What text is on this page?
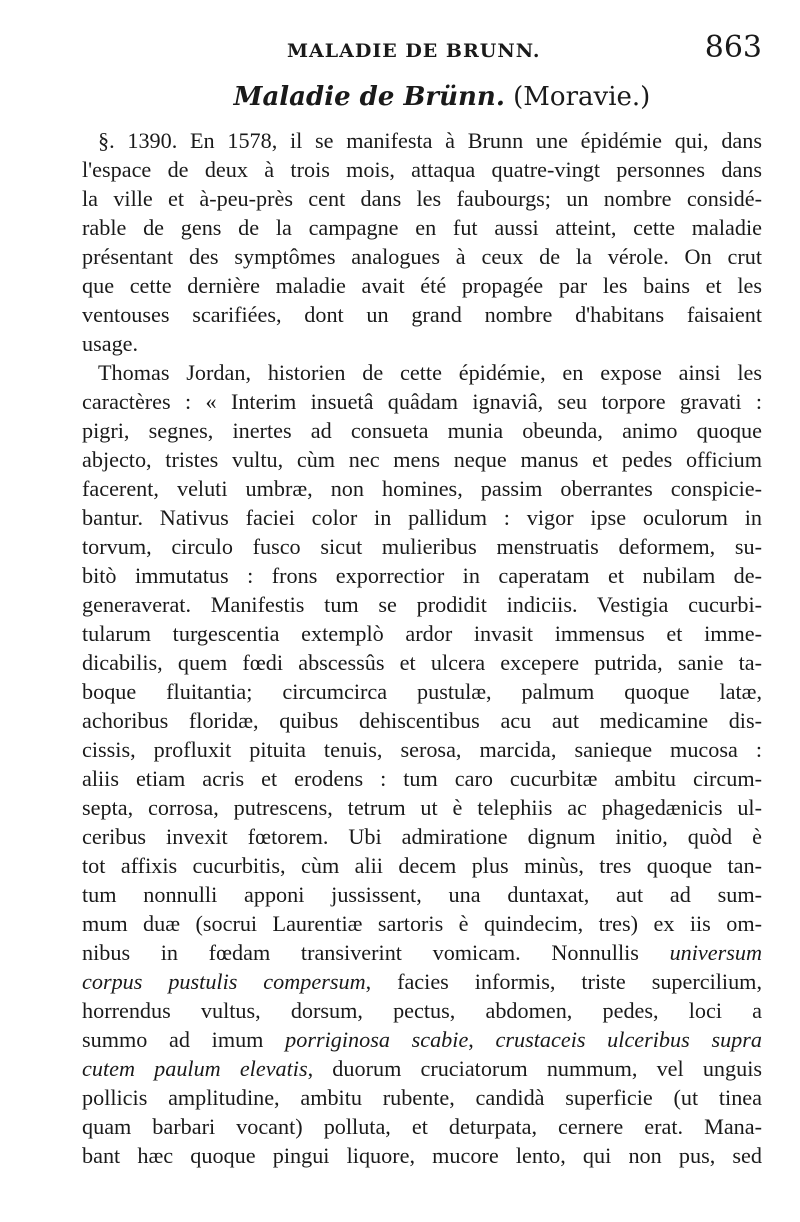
MALADIE DE BRUNN.	863
Maladie de Brünn. (Moravie.)
§. 1390. En 1578, il se manifesta à Brunn une épidémie qui, dans
l'espace de deux à trois mois, attaqua quatre-vingt personnes dans
la ville et à-peu-près cent dans les faubourgs; un nombre considé-
rable de gens de la campagne en fut aussi atteint, cette maladie
présentant des symptômes analogues à ceux de la vérole. On crut
que cette dernière maladie avait été propagée par les bains et les
ventouses scarifiées, dont un grand nombre d'habitans faisaient
usage.
Thomas Jordan, historien de cette épidémie, en expose ainsi les
caractères : « Interim insuetâ quâdam ignaviâ, seu torpore gravati :
pigri, segnes, inertes ad consueta munia obeunda, animo quoque
abjecto, tristes vultu, cùm nec mens neque manus et pedes officium
facerent, veluti umbræ, non homines, passim oberrantes conspicie-
bantur. Nativus faciei color in pallidum : vigor ipse oculorum in
torvum, circulo fusco sicut mulieribus menstruatis deformem, su-
bitò immutatus : frons exporrectior in caperatam et nubilam de-
generaverat. Manifestis tum se prodidit indiciis. Vestigia cucurbi-
tularum turgescentia extemplò ardor invasit immensus et imme-
dicabilis, quem fœdi abscessûs et ulcera excepere putrida, sanie ta-
boque fluitantia; circumcirca pustulæ, palmum quoque latæ,
achoribus floridæ, quibus dehiscentibus acu aut medicamine dis-
cissis, profluxit pituita tenuis, serosa, marcida, sanieque mucosa :
aliis etiam acris et erodens : tum caro cucurbitæ ambitu circum-
septa, corrosa, putrescens, tetrum ut è telephiis ac phagedænicis ul-
ceribus invexit fœtorem. Ubi admiratione dignum initio, quòd è
tot affixis cucurbitis, cùm alii decem plus minùs, tres quoque tan-
tum nonnulli apponi jussissent, una duntaxat, aut ad sum-
mum duæ (socrui Laurentiæ sartoris è quindecim, tres) ex iis om-
nibus in fœdam transiverint vomicam. Nonnullis universum
corpus pustulis compersum, facies informis, triste supercilium,
horrendus vultus, dorsum, pectus, abdomen, pedes, loci a
summo ad imum porriginosa scabie, crustaceis ulceribus supra
cutem paulum elevatis, duorum cruciatorum nummum, vel unguis
pollicis amplitudine, ambitu rubente, candidà superficie (ut tinea
quam barbari vocant) polluta, et deturpata, cernere erat. Mana-
bant hæc quoque pingui liquore, mucore lento, qui non pus, sed
